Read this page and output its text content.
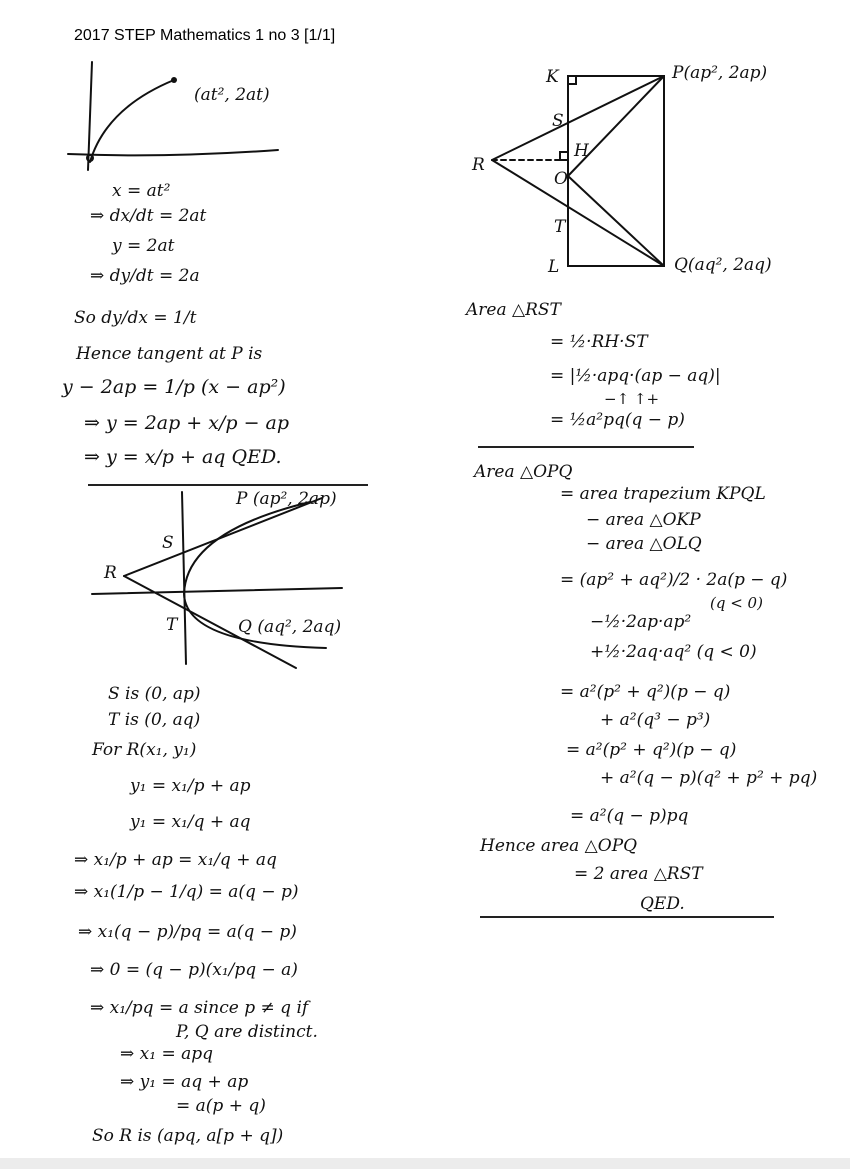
2017 STEP Mathematics 1 no 3 [1/1]
(at², 2at)
x = at²
⇒ dx/dt = 2at
y = 2at
⇒ dy/dt = 2a
So dy/dx = 1/t
Hence tangent at P is
y − 2ap = 1/p (x − ap²)
⇒ y = 2ap + x/p − ap
⇒ y = x/p + aq QED.
P (ap², 2ap)
S
R
T	Q (aq², 2aq)
S is (0, ap)
T is (0, aq)
For R(x₁, y₁)
y₁ = x₁/p + ap
y₁ = x₁/q + aq
⇒ x₁/p + ap = x₁/q + aq
⇒ x₁(1/p − 1/q) = a(q − p)
⇒ x₁(q − p)/pq = a(q − p)
⇒ 0 = (q − p)(x₁/pq − a)
⇒ x₁/pq = a since p ≠ q if
P, Q are distinct.
⇒ x₁ = apq
⇒ y₁ = aq + ap
= a(p + q)
So R is (apq, a[p + q])
K	P(ap², 2ap)
S
H
R
O
T
L	Q(aq², 2aq)
Area △RST
= ½·RH·ST
= |½·apq·(ap − aq)|
−↑ ↑+
= ½a²pq(q − p)
Area △OPQ
= area trapezium KPQL
− area △OKP
− area △OLQ
= (ap² + aq²)/2 · 2a(p − q)
(q < 0)
−½·2ap·ap²
+½·2aq·aq² (q < 0)
= a²(p² + q²)(p − q)
+ a²(q³ − p³)
= a²(p² + q²)(p − q)
+ a²(q − p)(q² + p² + pq)
= a²(q − p)pq
Hence area △OPQ
= 2 area △RST
QED.
